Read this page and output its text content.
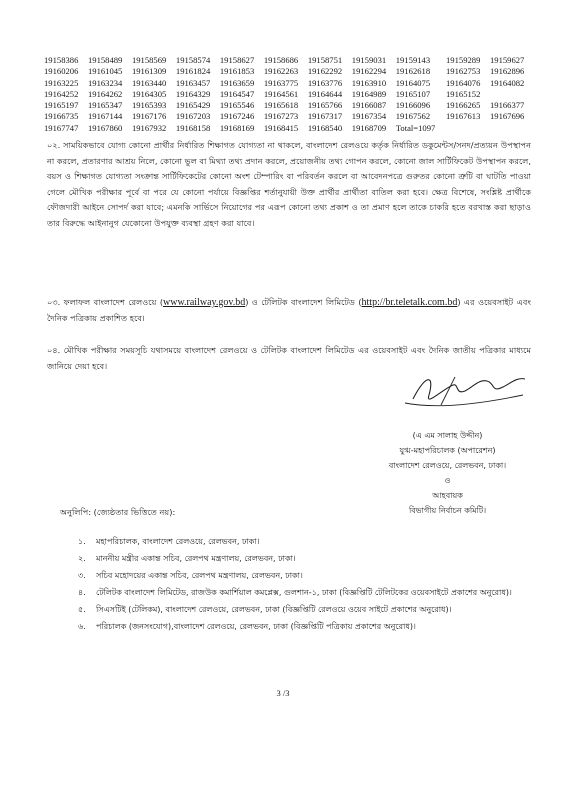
19158386	19158489	19158569	19158574	19158627	19158686	19158751	19159031	19159143	19159289	19159627
19160206	19161045	19161309	19161824	19161853	19162263	19162292	19162294	19162618	19162753	19162896
19163225	19163234	19163440	19163457	19163659	19163775	19163776	19163910	19164075	19164076	19164082
19164252	19164262	19164305	19164329	19164547	19164561	19164644	19164989	19165107	19165152	
19165197	19165347	19165393	19165429	19165546	19165618	19165766	19166087	19166096	19166265	19166377
19166735	19167144	19167176	19167203	19167246	19167273	19167317	19167354	19167562	19167613	19167696
19167747	19167860	19167932	19168158	19168169	19168415	19168540	19168709	Total=1097		

০২. সাময়িকভাবে যোগ্য কোনো প্রার্থীর নির্ধারিত শিক্ষাগত যোগ্যতা না থাকলে, বাংলাদেশ রেলওয়ে কর্তৃক নির্ধারিত ডকুমেন্টস/সনদ/প্রত্যয়ন উপস্থাপন না করলে, প্রতারণার আশ্রয় নিলে, কোনো ভুল বা মিথ্যা তথ্য প্রদান করলে, প্রয়োজনীয় তথ্য গোপন করলে, কোনো জাল সার্টিফিকেট উপস্থাপন করলে, বয়স ও শিক্ষাগত যোগ্যতা সংক্রান্ত সার্টিফিকেটের কোনো অংশ টেম্পারিং বা পরিবর্তন করলে বা আবেদনপত্রে গুরুতর কোনো ত্রুটি বা ঘাটতি পাওয়া গেলে মৌখিক পরীক্ষার পূর্বে বা পরে যে কোনো পর্যায়ে বিজ্ঞপ্তির শর্তানুযায়ী উক্ত প্রার্থীর প্রার্থীতা বাতিল করা হবে। ক্ষেত্র বিশেষে, সংশ্লিষ্ট প্রার্থীকে ফৌজদারী আইনে সোপর্দ করা যাবে; এমনকি সার্ভিসে নিয়োগের পর এরূপ কোনো তথ্য প্রকাশ ও তা প্রমাণ হলে তাকে চাকরি হতে বরখাস্ত করা ছাড়াও তার বিরুদ্ধে আইনানুগ যেকোনো উপযুক্ত ব্যবস্থা গ্রহণ করা যাবে।

০৩. ফলাফল বাংলাদেশ রেলওয়ে (www.railway.gov.bd) ও টেলিটক বাংলাদেশ লিমিটেড (http://br.teletalk.com.bd) এর ওয়েবসাইট এবং দৈনিক পত্রিকায় প্রকাশিত হবে।

০৪. মৌখিক পরীক্ষার সময়সূচি যথাসময়ে বাংলাদেশ রেলওয়ে ও টেলিটক বাংলাদেশ লিমিটেড এর ওয়েবসাইট এবং দৈনিক জাতীয় পত্রিকার মাধ্যমে জানিয়ে দেয়া হবে।

(এ এম সালাহ উদ্দীন)
যুগ্ম-মহাপরিচালক (অপারেশন)
বাংলাদেশ রেলওয়ে, রেলভবন, ঢাকা।
ও
আহবায়ক
বিভাগীয় নির্বাচন কমিটি।
অনুলিপি: (জ্যেষ্ঠতার ভিত্তিতে নয়):
১.	মহাপরিচালক, বাংলাদেশ রেলওয়ে, রেলভবন, ঢাকা।
২.	মাননীয় মন্ত্রীর একান্ত সচিব, রেলপথ মন্ত্রণালয়, রেলভবন, ঢাকা।
৩.	সচিব মহোদয়ের একান্ত সচিব, রেলপথ মন্ত্রণালয়, রেলভবন, ঢাকা।
৪.	টেলিটক বাংলাদেশ লিমিটেড, রাজউক কমার্শিয়াল কমপ্লেক্স, গুলশান-১, ঢাকা (বিজ্ঞপ্তিটি টেলিটকের ওয়েবসাইটে প্রকাশের অনুরোধ)।
৫.	সিএসটিই (টেলিকম), বাংলাদেশ রেলওয়ে, রেলভবন, ঢাকা (বিজ্ঞপ্তিটি রেলওয়ে ওয়েব সাইটে প্রকাশের অনুরোধ)।
৬.	পরিচালক (জনসংযোগ),বাংলাদেশ রেলওয়ে, রেলভবন, ঢাকা (বিজ্ঞপ্তিটি পত্রিকায় প্রকাশের অনুরোধ)।
3 /3
